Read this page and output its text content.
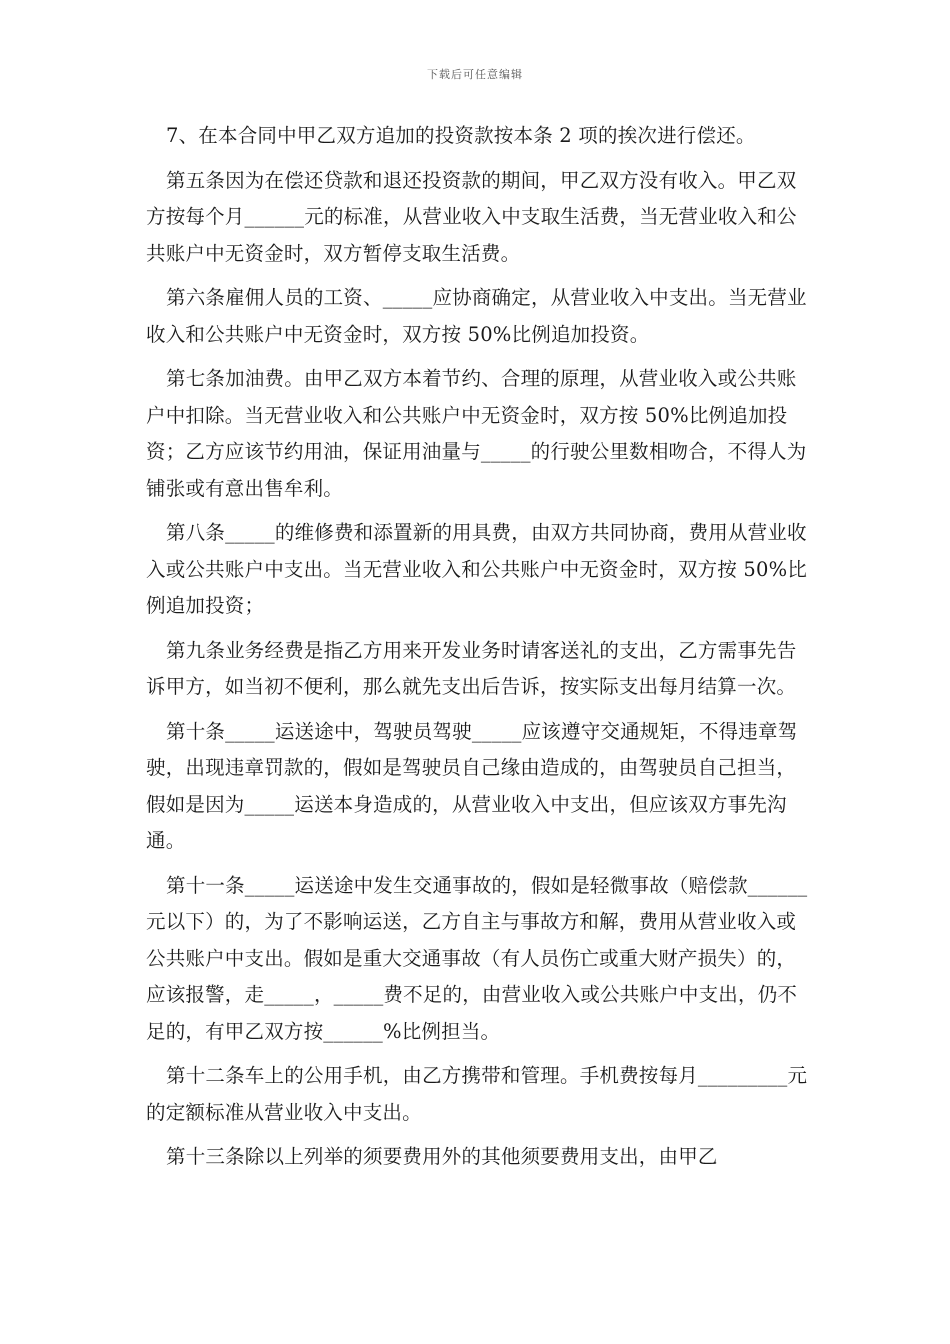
下载后可任意编辑

7、在本合同中甲乙双方追加的投资款按本条 2 项的挨次进行偿还。

第五条因为在偿还贷款和退还投资款的期间，甲乙双方没有收入。甲乙双方按每个月______元的标准，从营业收入中支取生活费，当无营业收入和公共账户中无资金时，双方暂停支取生活费。

第六条雇佣人员的工资、_____应协商确定，从营业收入中支出。当无营业收入和公共账户中无资金时，双方按 50%比例追加投资。

第七条加油费。由甲乙双方本着节约、合理的原理，从营业收入或公共账户中扣除。当无营业收入和公共账户中无资金时，双方按 50%比例追加投资；乙方应该节约用油，保证用油量与_____的行驶公里数相吻合，不得人为铺张或有意出售牟利。

第八条_____的维修费和添置新的用具费，由双方共同协商，费用从营业收入或公共账户中支出。当无营业收入和公共账户中无资金时，双方按 50%比例追加投资；

第九条业务经费是指乙方用来开发业务时请客送礼的支出，乙方需事先告诉甲方，如当初不便利，那么就先支出后告诉，按实际支出每月结算一次。

第十条_____运送途中，驾驶员驾驶_____应该遵守交通规矩，不得违章驾驶，出现违章罚款的，假如是驾驶员自己缘由造成的，由驾驶员自己担当，假如是因为_____运送本身造成的，从营业收入中支出，但应该双方事先沟通。

第十一条_____运送途中发生交通事故的，假如是轻微事故（赔偿款______元以下）的，为了不影响运送，乙方自主与事故方和解，费用从营业收入或公共账户中支出。假如是重大交通事故（有人员伤亡或重大财产损失）的，应该报警，走_____，_____费不足的，由营业收入或公共账户中支出，仍不足的，有甲乙双方按______%比例担当。

第十二条车上的公用手机，由乙方携带和管理。手机费按每月_________元的定额标准从营业收入中支出。

第十三条除以上列举的须要费用外的其他须要费用支出，由甲乙
